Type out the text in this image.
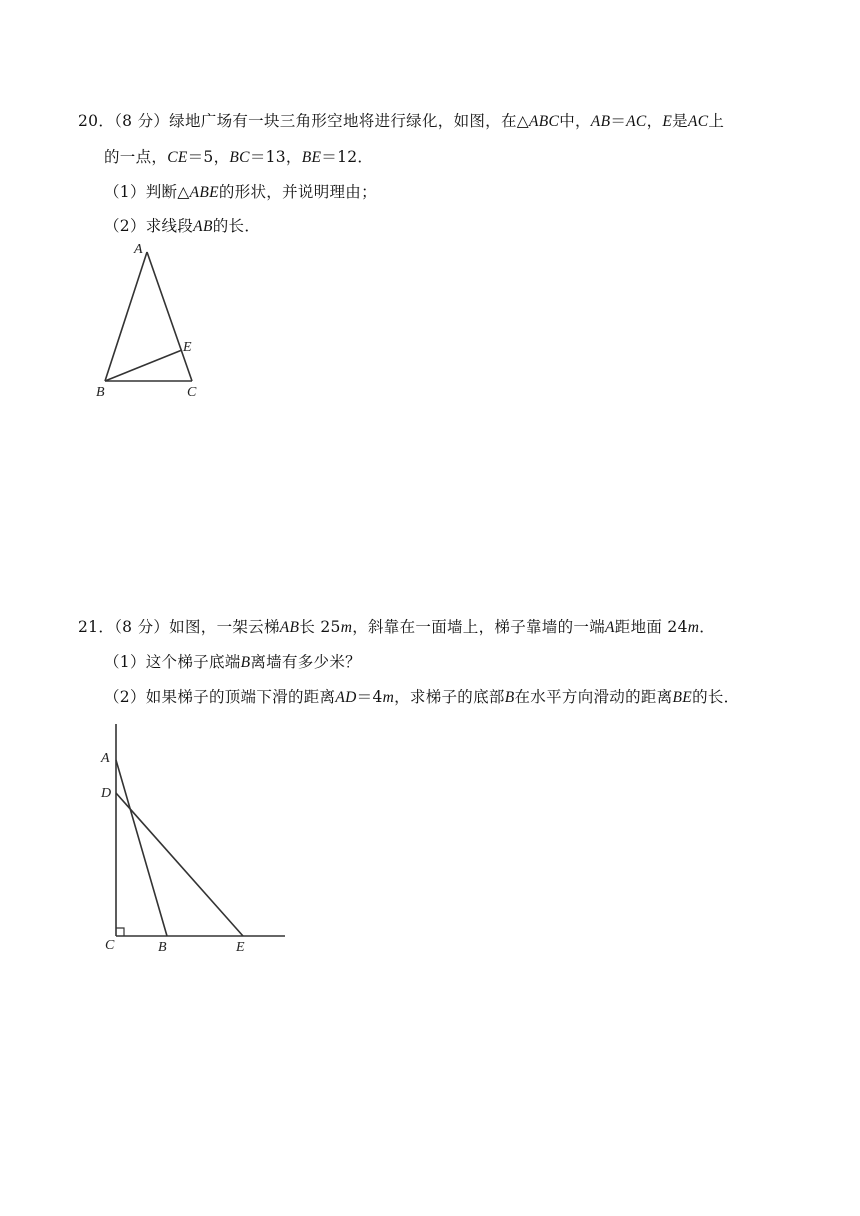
20．（8 分）绿地广场有一块三角形空地将进行绿化，如图，在△ABC中，AB＝AC，E是AC上
的一点，CE＝5，BC＝13，BE＝12．
（1）判断△ABE的形状，并说明理由；
（2）求线段AB的长．
A
E
B	C
21．（8 分）如图，一架云梯AB长 25m，斜靠在一面墙上，梯子靠墙的一端A距地面 24m．
（1）这个梯子底端B离墙有多少米？
（2）如果梯子的顶端下滑的距离AD＝4m，求梯子的底部B在水平方向滑动的距离BE的长．
A
D
C	B	E
